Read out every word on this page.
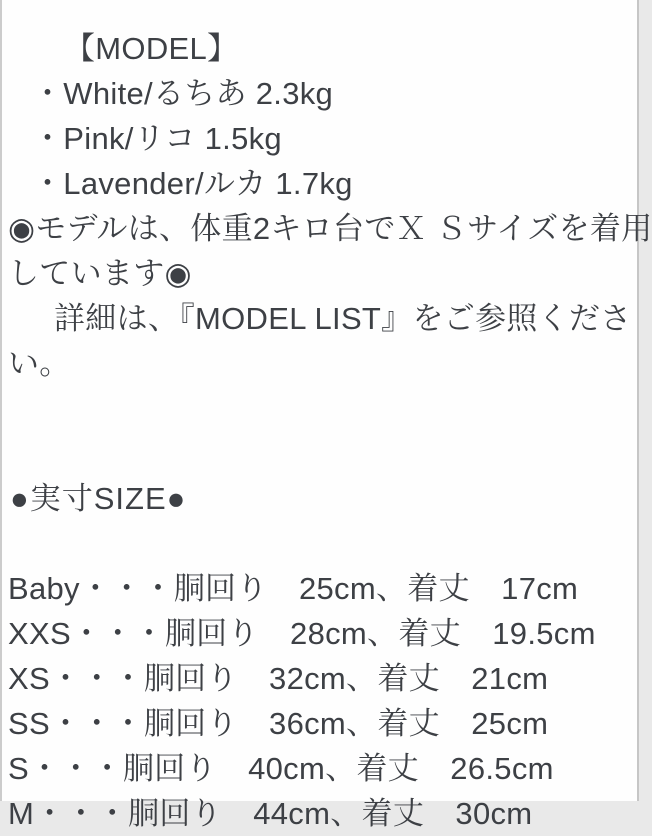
【MODEL】
・White/るちあ 2.3kg
・Pink/リコ 1.5kg
・Lavender/ルカ 1.7kg
◉モデルは、体重2キロ台でＸ Ｓサイズを着用
しています◉
詳細は、『MODEL LIST』をご参照くださ
い。
●実寸SIZE●
Baby・・・胴回り　25cm、着丈　17cm
XXS・・・胴回り　28cm、着丈　19.5cm
XS・・・胴回り　32cm、着丈　21cm
SS・・・胴回り　36cm、着丈　25cm
S・・・胴回り　40cm、着丈　26.5cm
M・・・胴回り　44cm、着丈　30cm
